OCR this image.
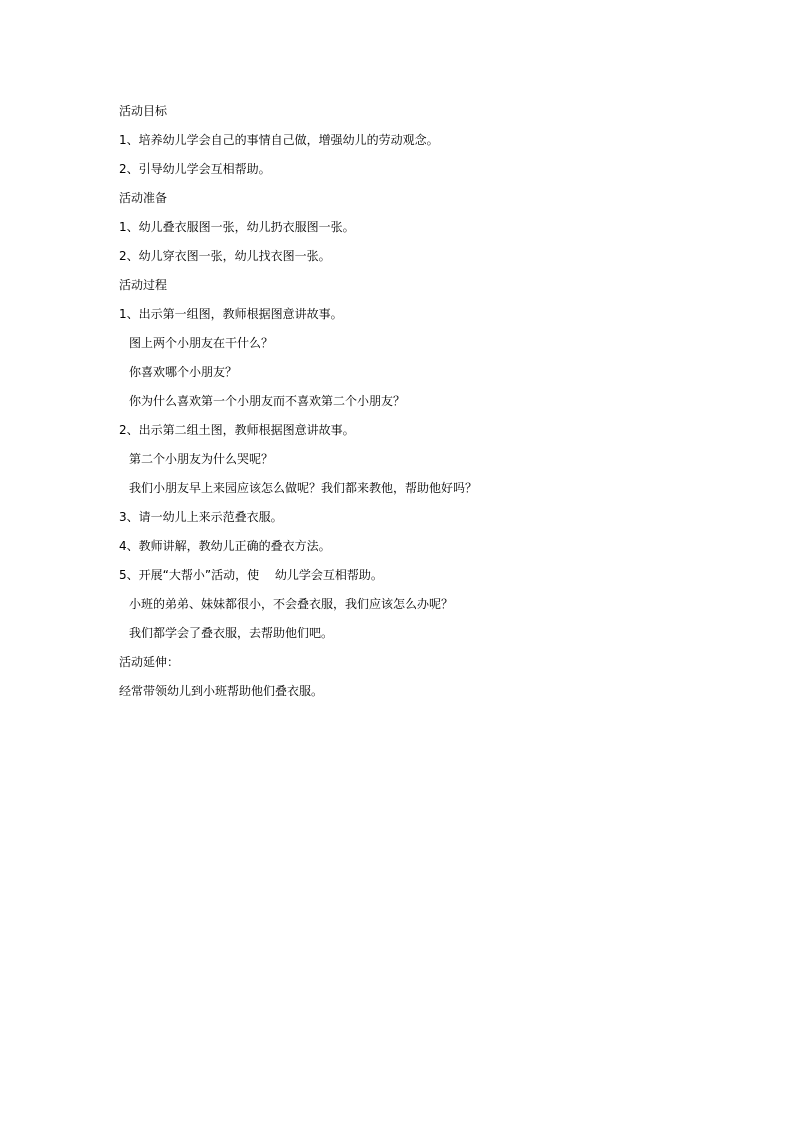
活动目标
1、培养幼儿学会自己的事情自己做，增强幼儿的劳动观念。
2、引导幼儿学会互相帮助。
活动准备
1、幼儿叠衣服图一张，幼儿扔衣服图一张。
2、幼儿穿衣图一张，幼儿找衣图一张。
活动过程
1、出示第一组图，教师根据图意讲故事。
图上两个小朋友在干什么？
你喜欢哪个小朋友？
你为什么喜欢第一个小朋友而不喜欢第二个小朋友？
2、出示第二组土图，教师根据图意讲故事。
第二个小朋友为什么哭呢？
我们小朋友早上来园应该怎么做呢？我们都来教他，帮助他好吗？
3、请一幼儿上来示范叠衣服。
4、教师讲解，教幼儿正确的叠衣方法。
5、开展“大帮小”活动，使　 幼儿学会互相帮助。
小班的弟弟、妹妹都很小，不会叠衣服，我们应该怎么办呢？
我们都学会了叠衣服，去帮助他们吧。
活动延伸：
经常带领幼儿到小班帮助他们叠衣服。
